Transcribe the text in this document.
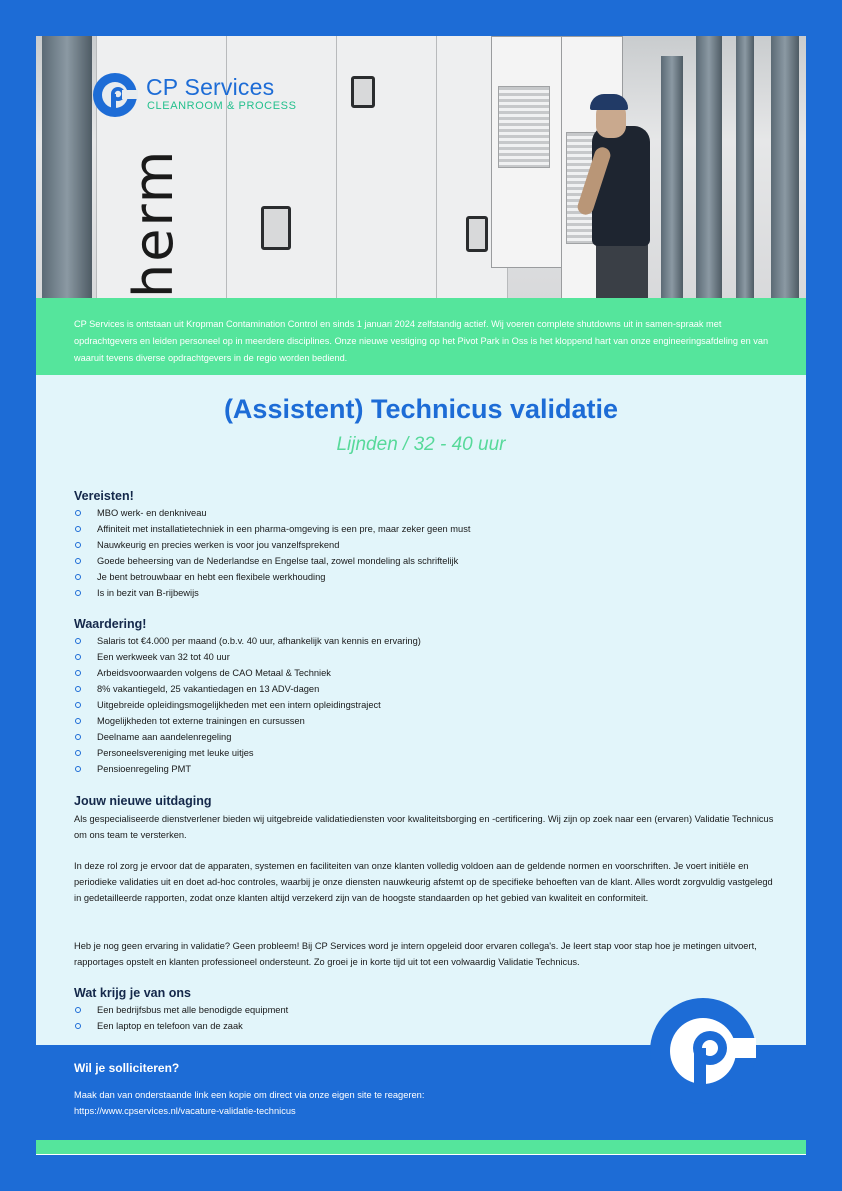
herm
CP Services
CLEANROOM & PROCESS

CP Services is ontstaan uit Kropman Contamination Control en sinds 1 januari 2024 zelfstandig actief. Wij voeren complete shutdowns uit in samen-spraak met opdrachtgevers en leiden personeel op in meerdere disciplines. Onze nieuwe vestiging op het Pivot Park in Oss is het kloppend hart van onze engineeringsafdeling en van waaruit tevens diverse opdrachtgevers in de regio worden bediend.

(Assistent) Technicus validatie
Lijnden / 32 - 40 uur
Vereisten!
MBO werk- en denkniveau
Affiniteit met installatietechniek in een pharma-omgeving is een pre, maar zeker geen must
Nauwkeurig en precies werken is voor jou vanzelfsprekend
Goede beheersing van de Nederlandse en Engelse taal, zowel mondeling als schriftelijk
Je bent betrouwbaar en hebt een flexibele werkhouding
Is in bezit van B-rijbewijs
Waardering!
Salaris tot €4.000 per maand (o.b.v. 40 uur, afhankelijk van kennis en ervaring)
Een werkweek van 32 tot 40 uur
Arbeidsvoorwaarden volgens de CAO Metaal & Techniek
8% vakantiegeld, 25 vakantiedagen en 13 ADV-dagen
Uitgebreide opleidingsmogelijkheden met een intern opleidingstraject
Mogelijkheden tot externe trainingen en cursussen
Deelname aan aandelenregeling
Personeelsvereniging met leuke uitjes
Pensioenregeling PMT
Jouw nieuwe uitdaging

Als gespecialiseerde dienstverlener bieden wij uitgebreide validatiediensten voor kwaliteitsborging en -certificering. Wij zijn op zoek naar een (ervaren) Validatie Technicus om ons team te versterken.

In deze rol zorg je ervoor dat de apparaten, systemen en faciliteiten van onze klanten volledig voldoen aan de geldende normen en voorschriften. Je voert initiële en periodieke validaties uit en doet ad-hoc controles, waarbij je onze diensten nauwkeurig afstemt op de specifieke behoeften van de klant. Alles wordt zorgvuldig vastgelegd in gedetailleerde rapporten, zodat onze klanten altijd verzekerd zijn van de hoogste standaarden op het gebied van kwaliteit en conformiteit.

Heb je nog geen ervaring in validatie? Geen probleem! Bij CP Services word je intern opgeleid door ervaren collega's. Je leert stap voor stap hoe je metingen uitvoert, rapportages opstelt en klanten professioneel ondersteunt. Zo groei je in korte tijd uit tot een volwaardig Validatie Technicus.

Wat krijg je van ons
Een bedrijfsbus met alle benodigde equipment
Een laptop en telefoon van de zaak
Wil je solliciteren?

Maak dan van onderstaande link een kopie om direct via onze eigen site te reageren:
https://www.cpservices.nl/vacature-validatie-technicus
